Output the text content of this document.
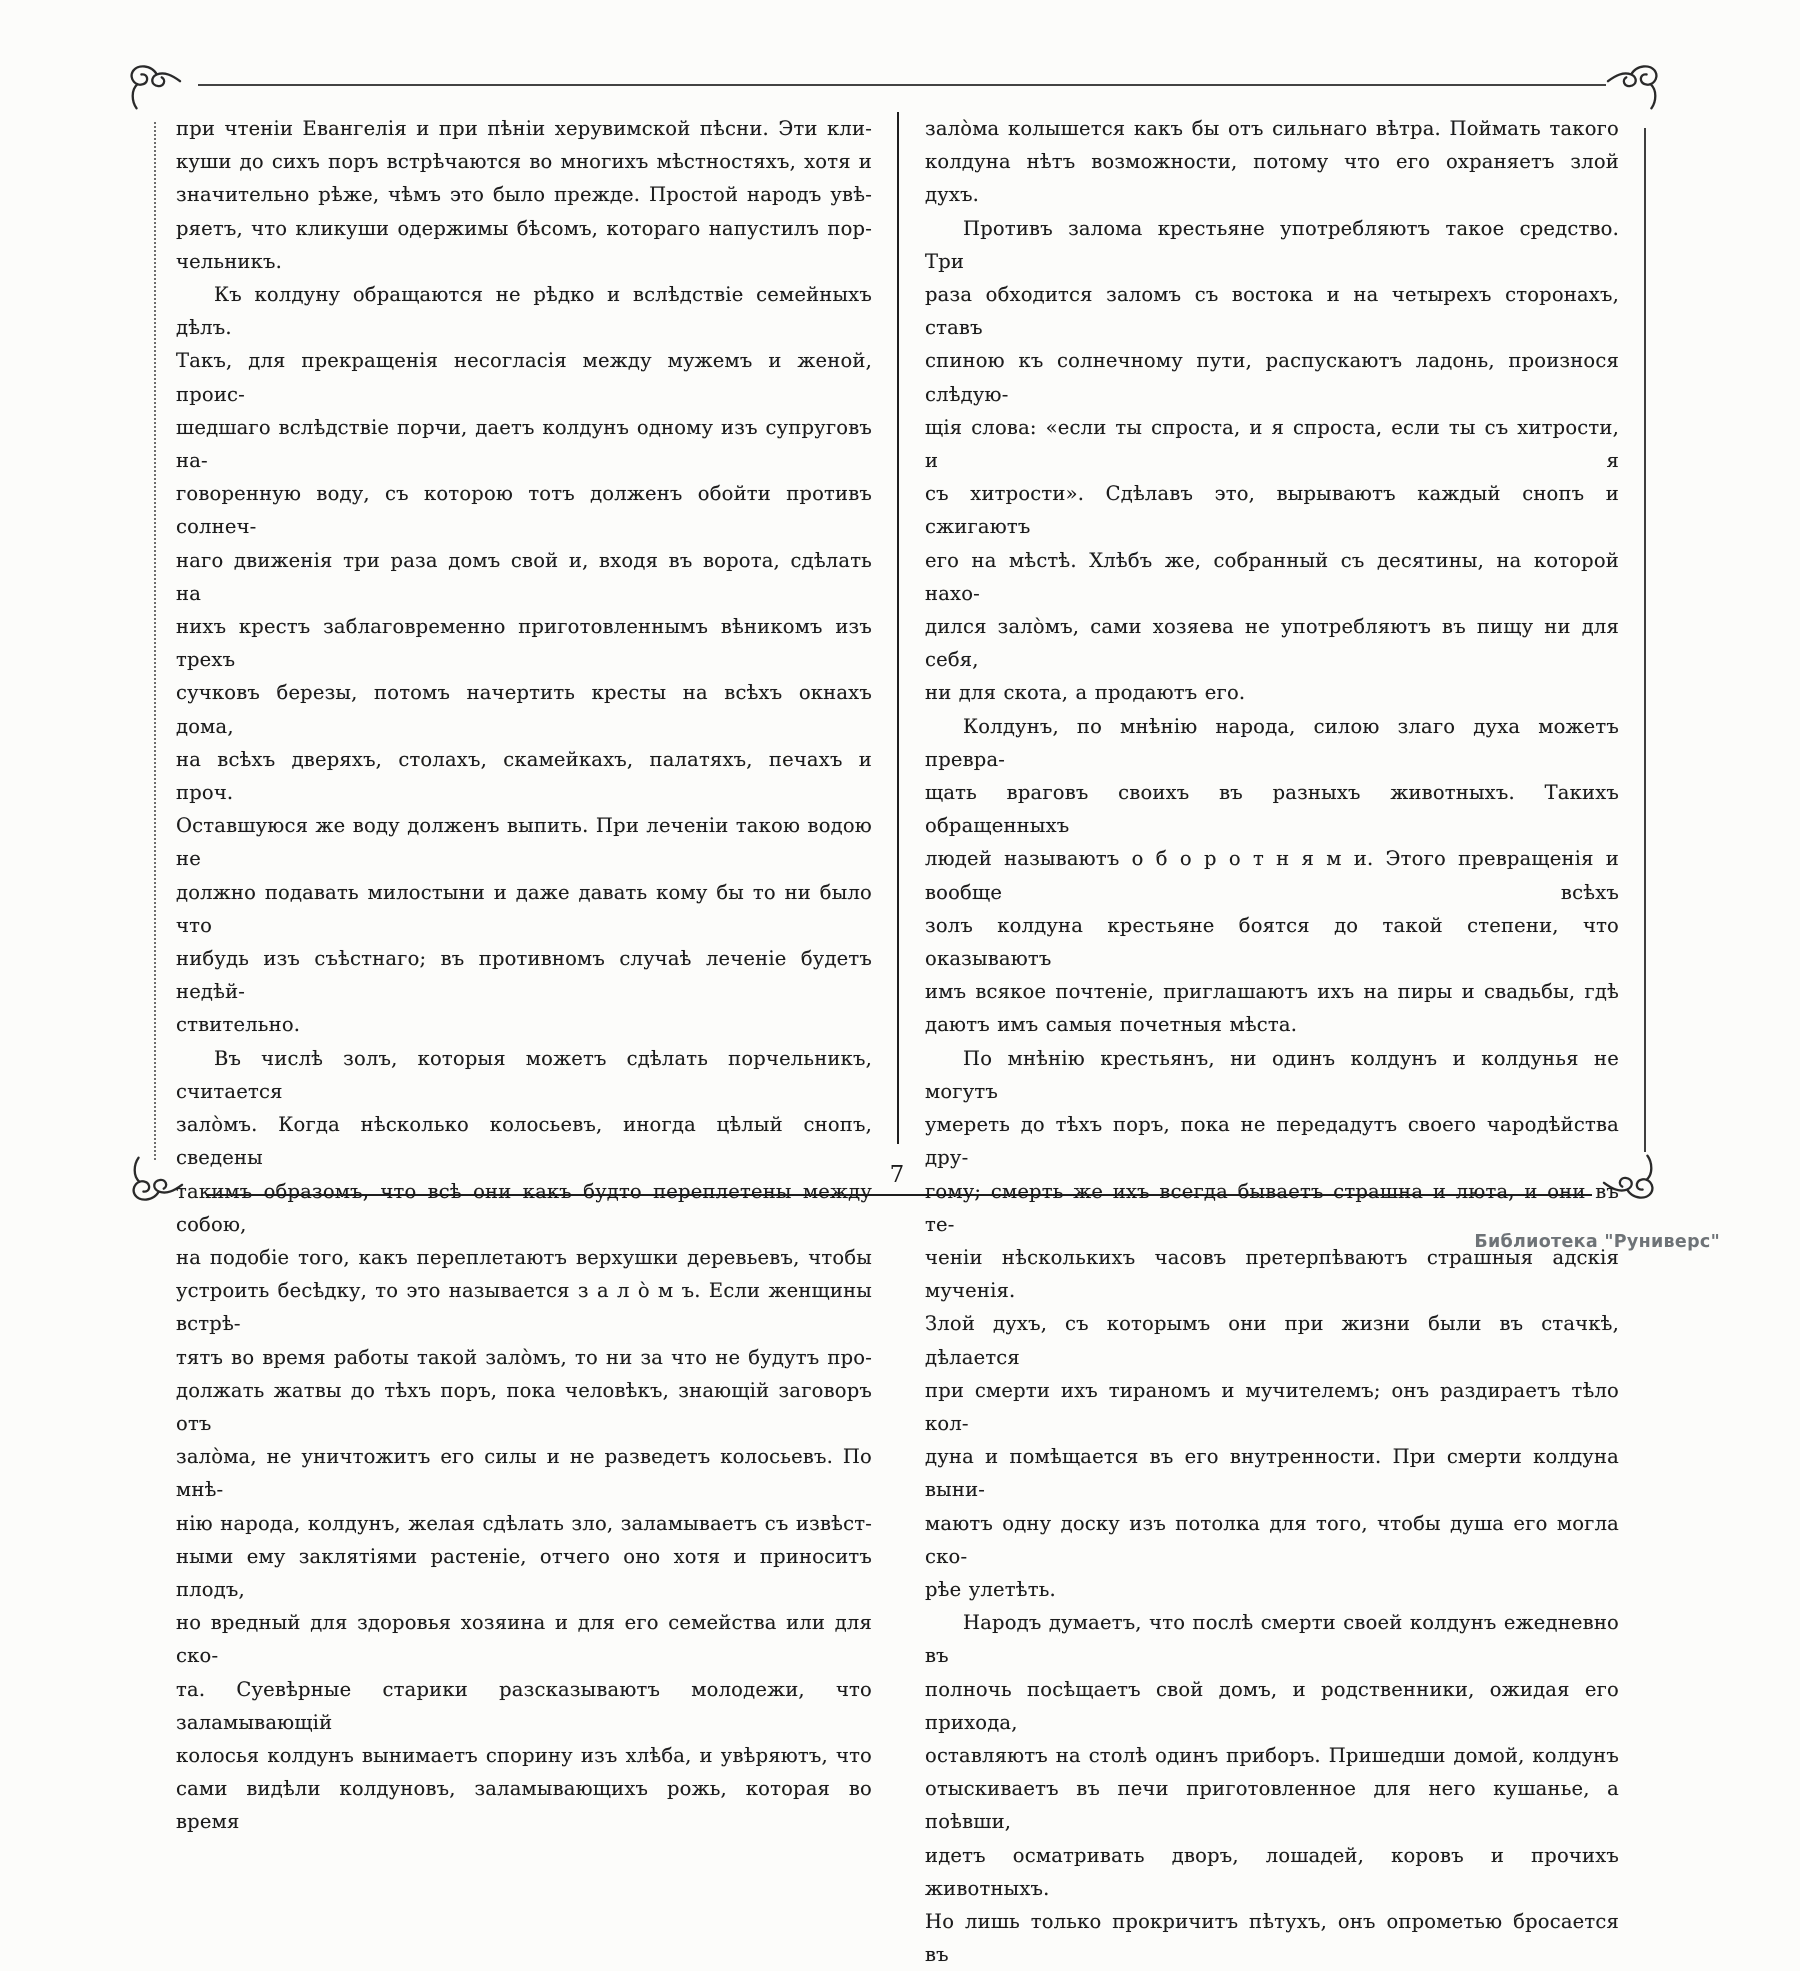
при чтеніи Евангелія и при пѣніи херувимской пѣсни. Эти кли-
куши до сихъ поръ встрѣчаются во многихъ мѣстностяхъ, хотя и
значительно рѣже, чѣмъ это было прежде. Простой народъ увѣ-
ряетъ, что кликуши одержимы бѣсомъ, котораго напустилъ пор-
чельникъ.
Къ колдуну обращаются не рѣдко и вслѣдствіе семейныхъ дѣлъ.
Такъ, для прекращенія несогласія между мужемъ и женой, проис-
шедшаго вслѣдствіе порчи, даетъ колдунъ одному изъ супруговъ на-
говоренную воду, съ которою тотъ долженъ обойти противъ солнеч-
наго движенія три раза домъ свой и, входя въ ворота, сдѣлать на
нихъ крестъ заблаговременно приготовленнымъ вѣникомъ изъ трехъ
сучковъ березы, потомъ начертить кресты на всѣхъ окнахъ дома,
на всѣхъ дверяхъ, столахъ, скамейкахъ, палатяхъ, печахъ и проч.
Оставшуюся же воду долженъ выпить. При леченіи такою водою не
должно подавать милостыни и даже давать кому бы то ни было что
нибудь изъ съѣстнаго; въ противномъ случаѣ леченіе будетъ недѣй-
ствительно.
Въ числѣ золъ, которыя можетъ сдѣлать порчельникъ, считается
зало̀мъ. Когда нѣсколько колосьевъ, иногда цѣлый снопъ, сведены
такимъ образомъ, что всѣ они какъ будто переплетены между собою,
на подобіе того, какъ переплетаютъ верхушки деревьевъ, чтобы
устроить бесѣдку, то это называется з а л о̀ м ъ. Если женщины встрѣ-
тятъ во время работы такой зало̀мъ, то ни за что не будутъ про-
должать жатвы до тѣхъ поръ, пока человѣкъ, знающій заговоръ отъ
зало̀ма, не уничтожитъ его силы и не разведетъ колосьевъ. По мнѣ-
нію народа, колдунъ, желая сдѣлать зло, заламываетъ съ извѣст-
ными ему заклятіями растеніе, отчего оно хотя и приноситъ плодъ,
но вредный для здоровья хозяина и для его семейства или для ско-
та. Суевѣрные старики разсказываютъ молодежи, что заламывающій
колосья колдунъ вынимаетъ спорину изъ хлѣба, и увѣряютъ, что
сами видѣли колдуновъ, заламывающихъ рожь, которая во время
зало̀ма колышется какъ бы отъ сильнаго вѣтра. Поймать такого
колдуна нѣтъ возможности, потому что его охраняетъ злой духъ.
Противъ залома крестьяне употребляютъ такое средство. Три
раза обходится заломъ съ востока и на четырехъ сторонахъ, ставъ
спиною къ солнечному пути, распускаютъ ладонь, произнося слѣдую-
щія слова: «если ты спроста, и я спроста, если ты съ хитрости, и я
съ хитрости». Сдѣлавъ это, вырываютъ каждый снопъ и сжигаютъ
его на мѣстѣ. Хлѣбъ же, собранный съ десятины, на которой нахо-
дился зало̀мъ, сами хозяева не употребляютъ въ пищу ни для себя,
ни для скота, а продаютъ его.
Колдунъ, по мнѣнію народа, силою злаго духа можетъ превра-
щать враговъ своихъ въ разныхъ животныхъ. Такихъ обращенныхъ
людей называютъ о б о р о т н я м и. Этого превращенія и вообще всѣхъ
золъ колдуна крестьяне боятся до такой степени, что оказываютъ
имъ всякое почтеніе, приглашаютъ ихъ на пиры и свадьбы, гдѣ
даютъ имъ самыя почетныя мѣста.
По мнѣнію крестьянъ, ни одинъ колдунъ и колдунья не могутъ
умереть до тѣхъ поръ, пока не передадутъ своего чародѣйства дру-
гому; смерть же ихъ всегда бываетъ страшна и люта, и они въ те-
ченіи нѣсколькихъ часовъ претерпѣваютъ страшныя адскія мученія.
Злой духъ, съ которымъ они при жизни были въ стачкѣ, дѣлается
при смерти ихъ тираномъ и мучителемъ; онъ раздираетъ тѣло кол-
дуна и помѣщается въ его внутренности. При смерти колдуна выни-
маютъ одну доску изъ потолка для того, чтобы душа его могла ско-
рѣе улетѣть.
Народъ думаетъ, что послѣ смерти своей колдунъ ежедневно въ
полночь посѣщаетъ свой домъ, и родственники, ожидая его прихода,
оставляютъ на столѣ одинъ приборъ. Пришедши домой, колдунъ
отыскиваетъ въ печи приготовленное для него кушанье, а поѣвши,
идетъ осматривать дворъ, лошадей, коровъ и прочихъ животныхъ.
Но лишь только прокричитъ пѣтухъ, онъ опрометью бросается въ
7
Библиотека "Руниверс"
